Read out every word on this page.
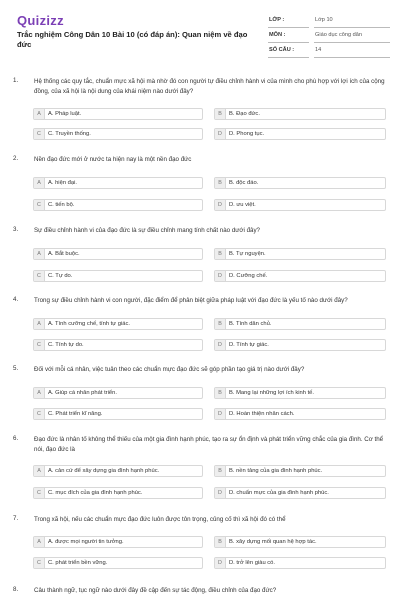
Quizizz
Trắc nghiệm Công Dân 10 Bài 10 (có đáp án): Quan niệm về đạo đức
LỚP :		Lớp 10
MÔN :		Giáo dục công dân
SỐ CÂU :		14
1.	Hệ thống các quy tắc, chuẩn mực xã hội mà nhờ đó con người tự điều chỉnh hành vi của mình cho phù hợp với lợi ích của cộng đồng, của xã hội là nội dung của khái niệm nào dưới đây?
A	A. Pháp luật.	B	B. Đạo đức.
C	C. Truyền thống.	D	D. Phong tục.
2.	Nền đạo đức mới ở nước ta hiện nay là một nền đạo đức
A	A. hiện đại.	B	B. độc đáo.
C	C. tiến bộ.	D	D. ưu việt.
3.	Sự điều chỉnh hành vi của đạo đức là sự điều chỉnh mang tính chất nào dưới đây?
A	A. Bắt buộc.	B	B. Tự nguyện.
C	C. Tự do.	D	D. Cưỡng chế.
4.	Trong sự điều chỉnh hành vi con người, đặc điểm để phân biệt giữa pháp luật với đạo đức là yếu tố nào dưới đây?
A	A. Tính cưỡng chế, tính tự giác.	B	B. Tính dân chủ.
C	C. Tính tự do.	D	D. Tính tự giác.
5.	Đối với mỗi cá nhân, việc tuân theo các chuẩn mực đạo đức sẽ góp phần tạo giá trị nào dưới đây?
A	A. Giúp cá nhân phát triển.	B	B. Mang lại những lợi ích kinh tế.
C	C. Phát triển kĩ năng.	D	D. Hoàn thiện nhân cách.
6.	Đạo đức là nhân tố không thể thiếu của một gia đình hạnh phúc, tạo ra sự ổn định và phát triển vững chắc của gia đình. Cơ thể nói, đạo đức là
A	A. cản cứ để xây dựng gia đình hạnh phúc.	B	B. nền tảng của gia đình hạnh phúc.
C	C. mục đích của gia đình hạnh phúc.	D	D. chuẩn mực của gia đình hạnh phúc.
7.	Trong xã hội, nếu các chuẩn mực đạo đức luôn được tôn trọng, củng cố thì xã hội đó có thể
A	A. được mọi người tin tưởng.	B	B. xây dựng mối quan hệ hợp tác.
C	C. phát triển bền vững.	D	D. trở lên giàu có.
8.	Câu thành ngữ, tục ngữ nào dưới đây đề cập đến sự tác động, điều chỉnh của đạo đức?
